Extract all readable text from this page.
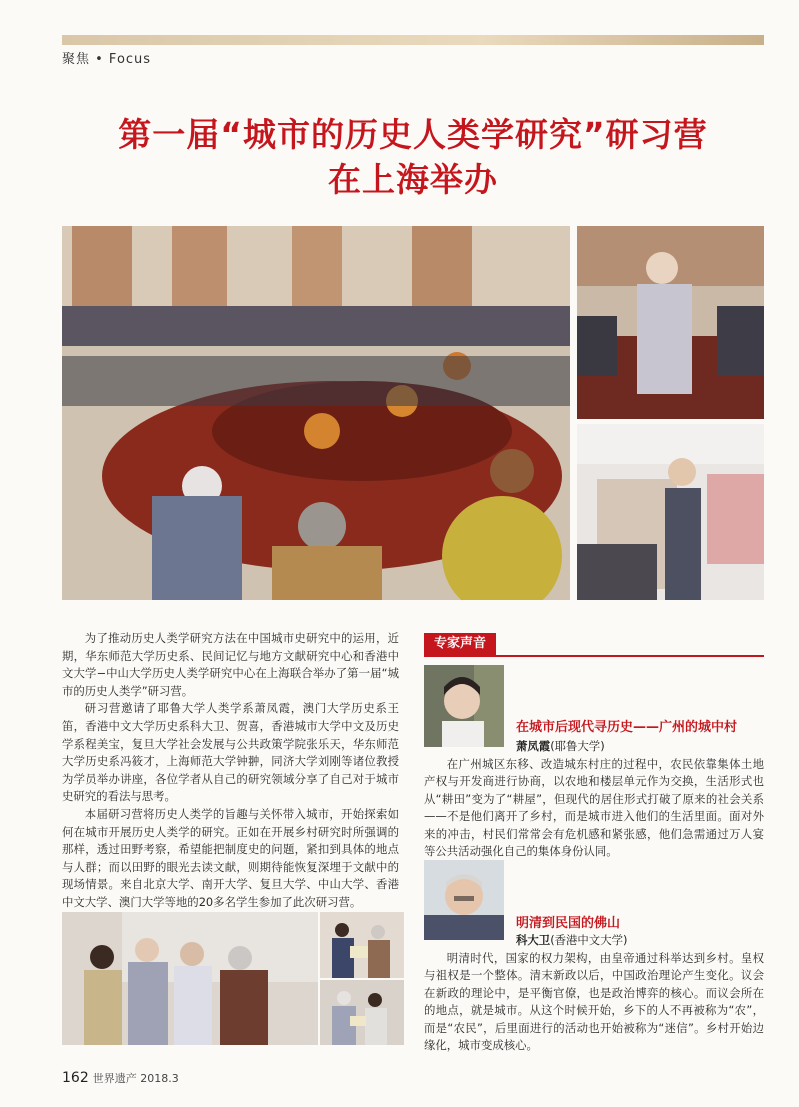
聚焦 • Focus
第一届“城市的历史人类学研究”研习营
在上海举办

为了推动历史人类学研究方法在中国城市史研究中的运用，近期，华东师范大学历史系、民间记忆与地方文献研究中心和香港中文大学−中山大学历史人类学研究中心在上海联合举办了第一届“城市的历史人类学”研习营。

研习营邀请了耶鲁大学人类学系萧凤霞，澳门大学历史系王笛，香港中文大学历史系科大卫、贺喜，香港城市大学中文及历史学系程美宝，复旦大学社会发展与公共政策学院张乐天，华东师范大学历史系冯筱才，上海师范大学钟翀，同济大学刘刚等诸位教授为学员举办讲座，各位学者从自己的研究领域分享了自己对于城市史研究的看法与思考。

本届研习营将历史人类学的旨趣与关怀带入城市，开始探索如何在城市开展历史人类学的研究。正如在开展乡村研究时所强调的那样，透过田野考察，希望能把制度史的问题，紧扣到具体的地点与人群；而以田野的眼光去读文献，则期待能恢复深埋于文献中的现场情景。来自北京大学、南开大学、复旦大学、中山大学、香港中文大学、澳门大学等地的20多名学生参加了此次研习营。

专家声音
在城市后现代寻历史——广州的城中村
萧凤霞(耶鲁大学)

在广州城区东移、改造城东村庄的过程中，农民依靠集体土地产权与开发商进行协商，以农地和楼层单元作为交换，生活形式也从“耕田”变为了“耕屋”，但现代的居住形式打破了原来的社会关系——不是他们离开了乡村，而是城市进入他们的生活里面。面对外来的冲击，村民们常常会有危机感和紧张感，他们急需通过万人宴等公共活动强化自己的集体身份认同。

明清到民国的佛山
科大卫(香港中文大学)

明清时代，国家的权力架构，由皇帝通过科举达到乡村。皇权与祖权是一个整体。清末新政以后，中国政治理论产生变化。议会在新政的理论中，是平衡官僚，也是政治博弈的核心。而议会所在的地点，就是城市。从这个时候开始，乡下的人不再被称为“农”，而是“农民”，后里面进行的活动也开始被称为“迷信”。乡村开始边缘化，城市变成核心。

162 世界遗产 2018.3
